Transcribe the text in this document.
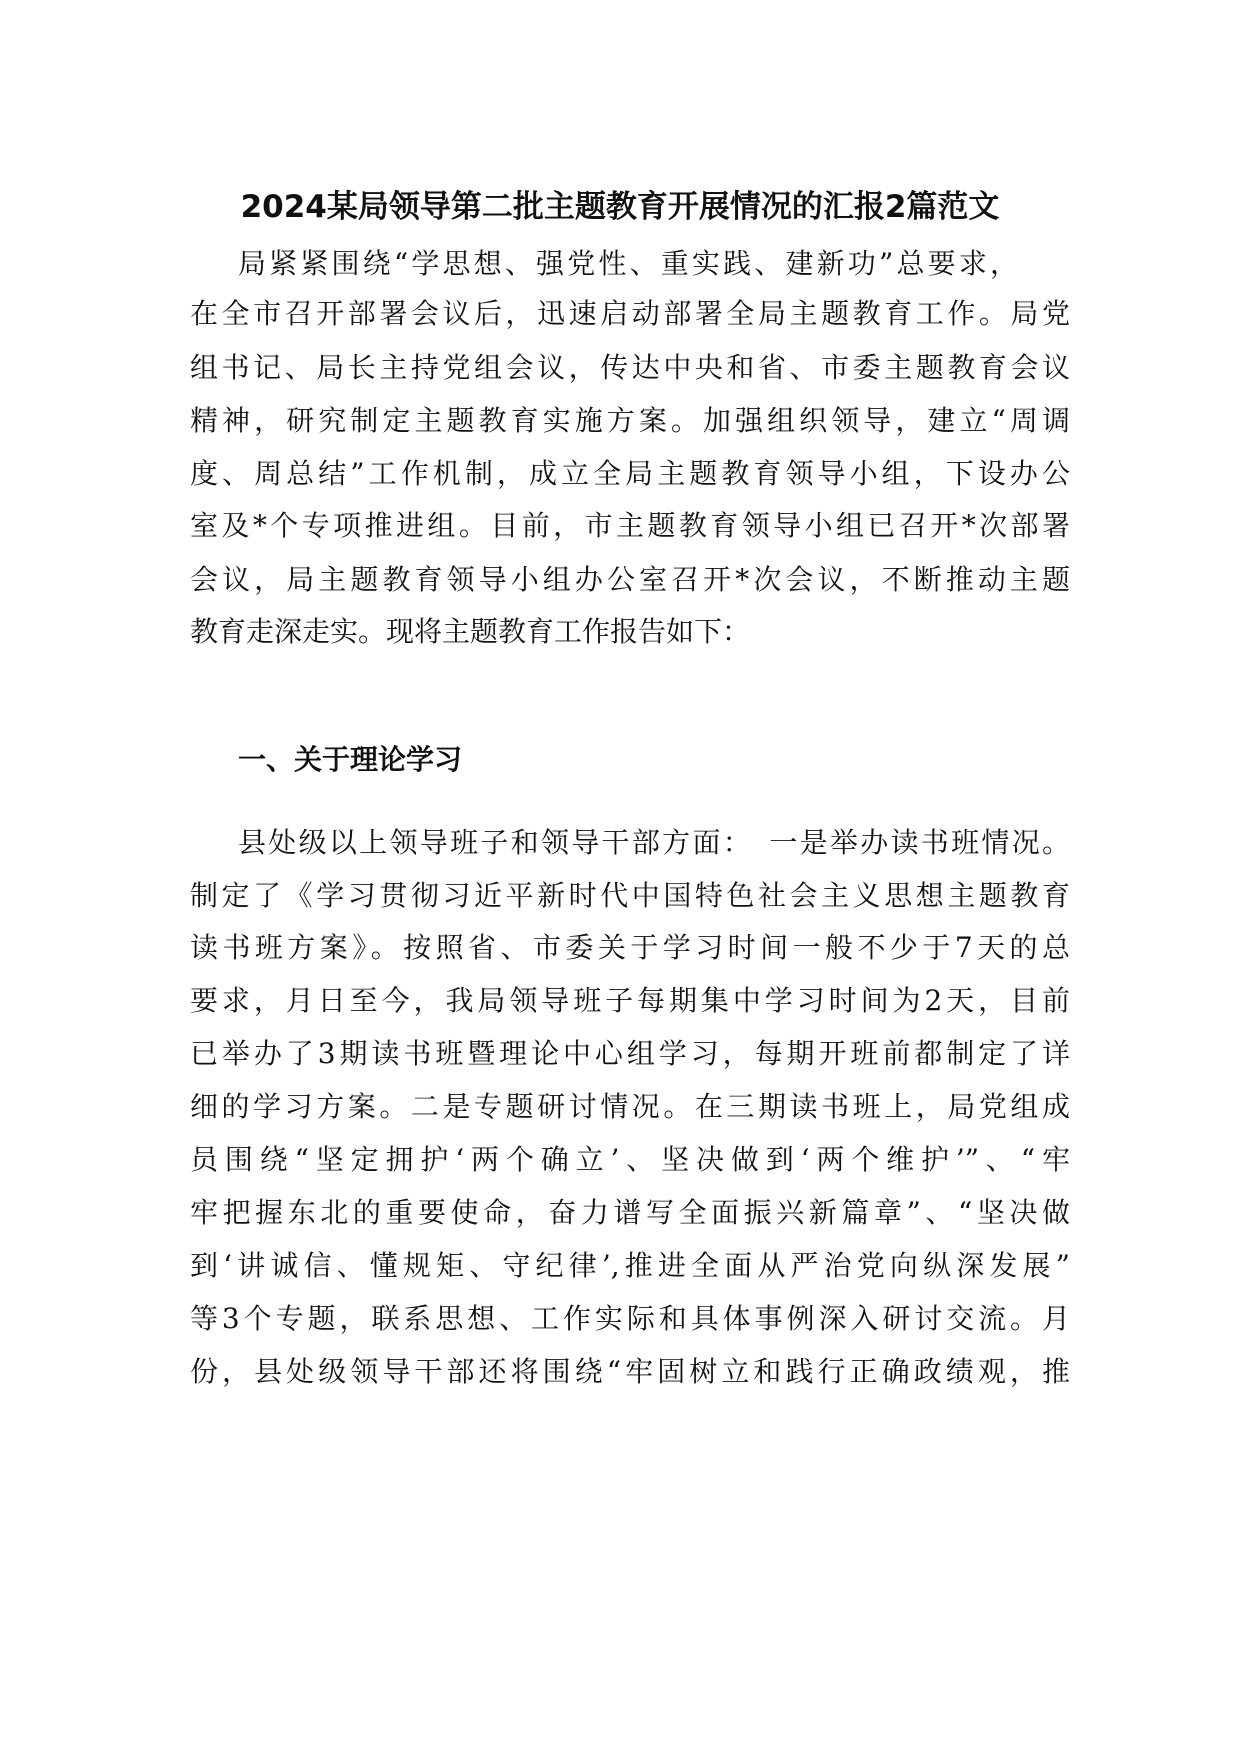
2024某局领导第二批主题教育开展情况的汇报2篇范文
局紧紧围绕“学思想、强党性、重实践、建新功”总要求，
在全市召开部署会议后，迅速启动部署全局主题教育工作。局党
组书记、局长主持党组会议，传达中央和省、市委主题教育会议
精神，研究制定主题教育实施方案。加强组织领导，建立“周调
度、周总结”工作机制，成立全局主题教育领导小组，下设办公
室及*个专项推进组。目前，市主题教育领导小组已召开*次部署
会议，局主题教育领导小组办公室召开*次会议，不断推动主题
教育走深走实。现将主题教育工作报告如下：
一、关于理论学习
县处级以上领导班子和领导干部方面：　一是举办读书班情况。
制定了《学习贯彻习近平新时代中国特色社会主义思想主题教育
读书班方案》。按照省、市委关于学习时间一般不少于7天的总
要求，月日至今，我局领导班子每期集中学习时间为2天，目前
已举办了3期读书班暨理论中心组学习，每期开班前都制定了详
细的学习方案。二是专题研讨情况。在三期读书班上，局党组成
员围绕“坚定拥护‘两个确立’、坚决做到‘两个维护’”、“牢
牢把握东北的重要使命，奋力谱写全面振兴新篇章”、“坚决做
到‘讲诚信、懂规矩、守纪律’,推进全面从严治党向纵深发展”
等3个专题，联系思想、工作实际和具体事例深入研讨交流。月
份，县处级领导干部还将围绕“牢固树立和践行正确政绩观，推
